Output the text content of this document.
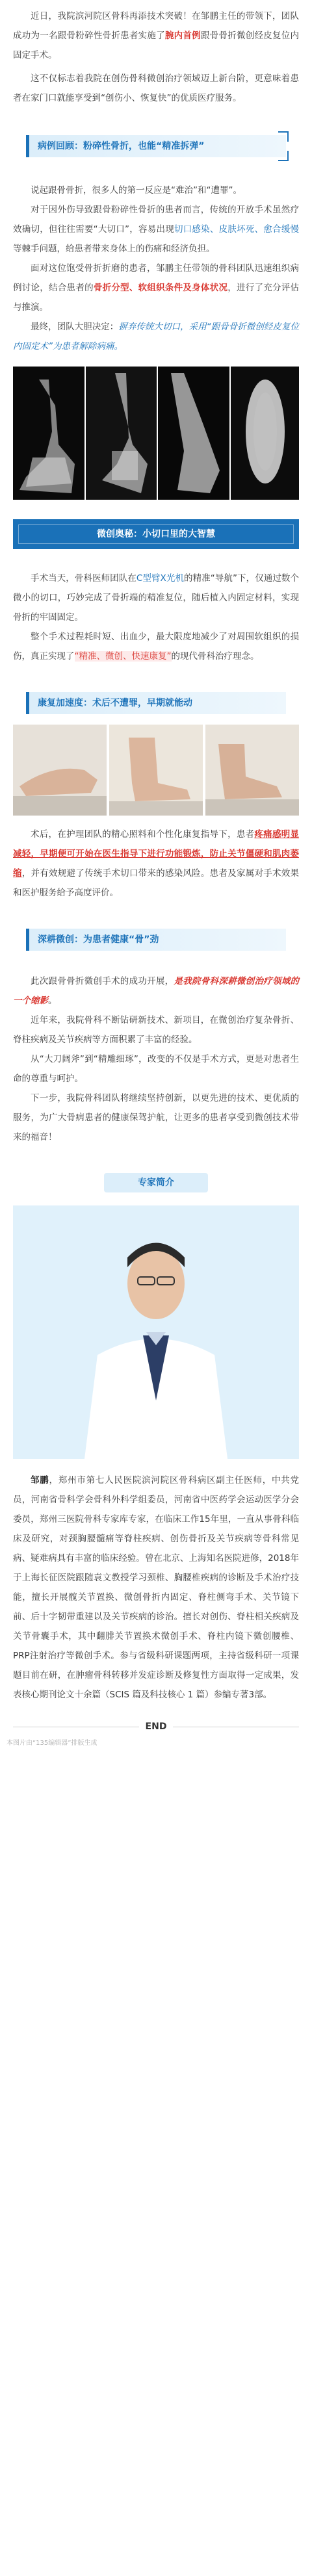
近日，我院滨河院区骨科再添技术突破！在邹鹏主任的带领下，团队成功为一名跟骨粉碎性骨折患者实施了腕内首例跟骨骨折微创经皮复位内固定手术。

这不仅标志着我院在创伤骨科微创治疗领域迈上新台阶，更意味着患者在家门口就能享受到“创伤小、恢复快”的优质医疗服务。

病例回顾：粉碎性骨折，也能“精准拆弹”

说起跟骨骨折，很多人的第一反应是“难治”和“遭罪”。

对于因外伤导致跟骨粉碎性骨折的患者而言，传统的开放手术虽然疗效确切，但往往需要“大切口”，容易出现切口感染、皮肤坏死、愈合缓慢等棘手问题，给患者带来身体上的伤痛和经济负担。

面对这位饱受骨折折磨的患者，邹鹏主任带领的骨科团队迅速组织病例讨论，结合患者的骨折分型、软组织条件及身体状况，进行了充分评估与推演。

最终，团队大胆决定：摒弃传统大切口，采用“跟骨骨折微创经皮复位内固定术”为患者解除病痛。

微创奥秘：小切口里的大智慧

手术当天，骨科医师团队在C型臂X光机的精准“导航”下，仅通过数个微小的切口，巧妙完成了骨折端的精准复位，随后植入内固定材料，实现骨折的牢固固定。

整个手术过程耗时短、出血少，最大限度地减少了对周围软组织的损伤，真正实现了“精准、微创、快速康复”的现代骨科治疗理念。

康复加速度：术后不遭罪，早期就能动

术后，在护理团队的精心照料和个性化康复指导下，患者疼痛感明显减轻，早期便可开始在医生指导下进行功能锻炼，防止关节僵硬和肌肉萎缩，并有效规避了传统手术切口带来的感染风险。患者及家属对手术效果和医护服务给予高度评价。

深耕微创：为患者健康“骨”劲

此次跟骨骨折微创手术的成功开展，是我院骨科深耕微创治疗领域的一个缩影。

近年来，我院骨科不断钻研新技术、新项目，在微创治疗复杂骨折、脊柱疾病及关节疾病等方面积累了丰富的经验。

从“大刀阔斧”到“精雕细琢”，改变的不仅是手术方式，更是对患者生命的尊重与呵护。

下一步，我院骨科团队将继续坚持创新，以更先进的技术、更优质的服务，为广大骨病患者的健康保驾护航，让更多的患者享受到微创技术带来的福音！

专家简介

邹鹏，郑州市第七人民医院滨河院区骨科病区副主任医师，中共党员，河南省骨科学会骨科外科学组委员，河南省中医药学会运动医学分会委员，郑州三医院骨科专家库专家，在临床工作15年里，一直从事骨科临床及研究，对颈胸腰髓痛等脊柱疾病、创伤骨折及关节疾病等骨科常见病、疑难病具有丰富的临床经验。曾在北京、上海知名医院进修，2018年于上海长征医院跟随袁文教授学习颈椎、胸腰椎疾病的诊断及手术治疗技能，擅长开展髋关节置换、微创骨折内固定、脊柱侧弯手术、关节镜下前、后十字韧带重建以及关节疾病的诊治。擅长对创伤、脊柱相关疾病及关节骨囊手术，其中翻腓关节置换术微创手术、脊柱内镜下微创腰椎、PRP注射治疗等微创手术。参与省级科研课题两项，主持省级科研一项课题目前在研，在肿瘤骨科转移并发症诊断及修复性方面取得一定成果，发表核心期刊论文十余篇（SCIS 篇及科技核心 1 篇）参编专著3部。

END
本图片由“135编辑器”排版生成
